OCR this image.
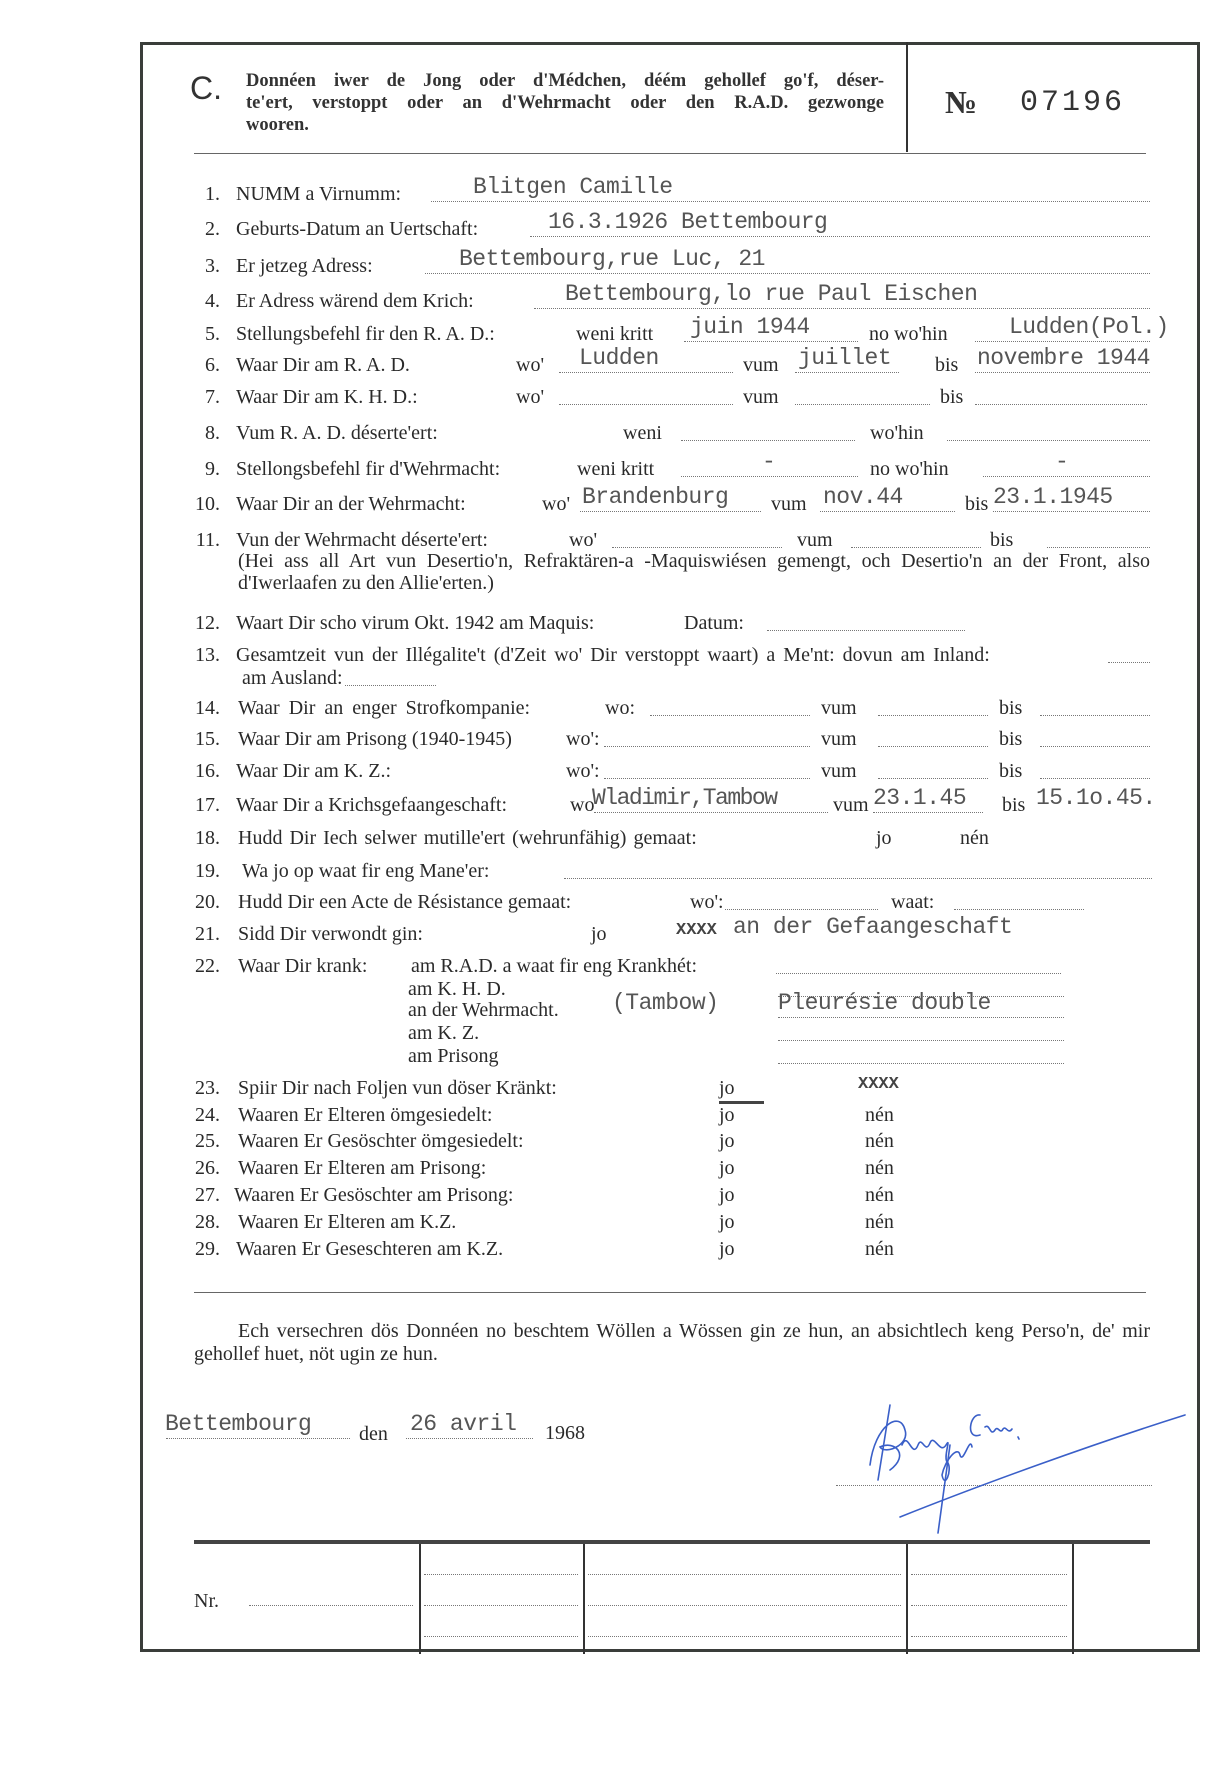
C. Donnéen iwer de Jong oder d'Médchen, déém gehollef go'f, déser-
te'ert, verstoppt oder an d'Wehrmacht oder den R.A.D. gezwonge
wooren.
№ 07196
1. NUMM a Virnumm:	Blitgen Camille
2. Geburts-Datum an Uertschaft:	16.3.1926 Bettembourg
3. Er jetzeg Adress:	Bettembourg,rue Luc, 21
4. Er Adress wärend dem Krich:	Bettembourg,lo rue Paul Eischen
5. Stellungsbefehl fir den R. A. D.:	weni kritt juin 1944	no wo'hin	Ludden(Pol.)
6. Waar Dir am R. A. D.	wo' Ludden	vum juillet bis novembre 1944
7. Waar Dir am K. H. D.:	wo'	vum	bis
8. Vum R. A. D. déserte'ert:	weni	wo'hin
9. Stellongsbefehl fir d'Wehrmacht:	weni kritt	-	no wo'hin	-
10. Waar Dir an der Wehrmacht:	wo' Brandenburg vum nov.44	bis 23.1.1945
11. Vun der Wehrmacht déserte'ert:	wo'	vum	bis
(Hei ass all Art vun Desertio'n, Refraktären-a -Maquiswiésen gemengt, och Desertio'n an der Front, also d'Iwerlaafen zu den Allie'erten.)
12. Waart Dir scho virum Okt. 1942 am Maquis:	Datum:
13. Gesamtzeit vun der Illégalite't (d'Zeit wo' Dir verstoppt waart) a Me'nt: dovun am Inland:
am Ausland:
14. Waar Dir an enger Strofkompanie:	wo:	vum	bis
15. Waar Dir am Prisong (1940-1945)	wo':	vum	bis
16. Waar Dir am K. Z.:	wo':	vum	bis
17. Waar Dir a Krichsgefaangeschaft:	wo
Wladimir,Tambow	vum 23.1.45 bis 15.1o.45.
18. Hudd Dir Iech selwer mutille'ert (wehrunfähig) gemaat:	jo	nén
19. Wa jo op waat fir eng Mane'er:
20. Hudd Dir een Acte de Résistance gemaat:	wo':	waat:
21. Sidd Dir verwondt gin:	jo	XXXX an der Gefaangeschaft
22. Waar Dir krank: am R.A.D. a waat fir eng Krankhét:
am K. H. D.
an der Wehrmacht. (Tambow)	Pleurésie double
am K. Z.
am Prisong
23. Spiir Dir nach Foljen vun döser Kränkt:	jo	XXXX
24. Waaren Er Elteren ömgesiedelt:	jo	nén
25. Waaren Er Gesöschter ömgesiedelt:	jo	nén
26. Waaren Er Elteren am Prisong:	jo	nén
27. Waaren Er Gesöschter am Prisong:	jo	nén
28. Waaren Er Elteren am K.Z.	jo	nén
29. Waaren Er Geseschteren am K.Z.	jo	nén
Ech versechren dös Donnéen no beschtem Wöllen a Wössen gin ze hun, an absichtlech keng Perso'n, de' mir gehollef huet, nöt ugin ze hun.
Bettembourg den 26 avril 1968
Nr.
